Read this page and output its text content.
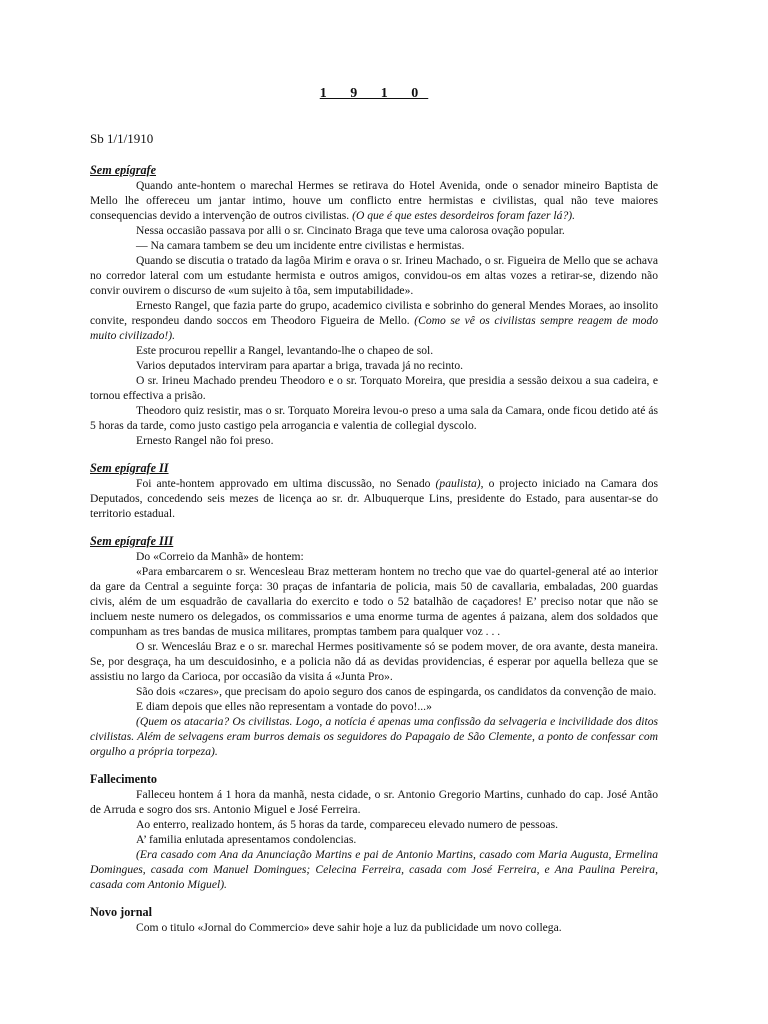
1 9 1 0
Sb 1/1/1910
Sem epígrafe

Quando ante-hontem o marechal Hermes se retirava do Hotel Avenida, onde o senador mineiro Baptista de Mello lhe offereceu um jantar intimo, houve um conflicto entre hermistas e civilistas, qual não teve maiores consequencias devido a intervenção de outros civilistas. (O que é que estes desordeiros foram fazer lá?).

Nessa occasião passava por alli o sr. Cincinato Braga que teve uma calorosa ovação popular.

— Na camara tambem se deu um incidente entre civilistas e hermistas.

Quando se discutia o tratado da lagôa Mirim e orava o sr. Irineu Machado, o sr. Figueira de Mello que se achava no corredor lateral com um estudante hermista e outros amigos, convidou-os em altas vozes a retirar-se, dizendo não convir ouvirem o discurso de «um sujeito à tôa, sem imputabilidade».

Ernesto Rangel, que fazia parte do grupo, academico civilista e sobrinho do general Mendes Moraes, ao insolito convite, respondeu dando soccos em Theodoro Figueira de Mello. (Como se vê os civilistas sempre reagem de modo muito civilizado!).

Este procurou repellir a Rangel, levantando-lhe o chapeo de sol.

Varios deputados interviram para apartar a briga, travada já no recinto.

O sr. Irineu Machado prendeu Theodoro e o sr. Torquato Moreira, que presidia a sessão deixou a sua cadeira, e tornou effectiva a prisão.

Theodoro quiz resistir, mas o sr. Torquato Moreira levou-o preso a uma sala da Camara, onde ficou detido até ás 5 horas da tarde, como justo castigo pela arrogancia e valentia de collegial dyscolo.

Ernesto Rangel não foi preso.

Sem epígrafe II

Foi ante-hontem approvado em ultima discussão, no Senado (paulista), o projecto iniciado na Camara dos Deputados, concedendo seis mezes de licença ao sr. dr. Albuquerque Lins, presidente do Estado, para ausentar-se do territorio estadual.

Sem epígrafe III

Do «Correio da Manhã» de hontem:

«Para embarcarem o sr. Wencesleau Braz metteram hontem no trecho que vae do quartel-general até ao interior da gare da Central a seguinte força: 30 praças de infantaria de policia, mais 50 de cavallaria, embaladas, 200 guardas civis, além de um esquadrão de cavallaria do exercito e todo o 52 batalhão de caçadores! E’ preciso notar que não se incluem neste numero os delegados, os commissarios e uma enorme turma de agentes á paizana, alem dos soldados que compunham as tres bandas de musica militares, promptas tambem para qualquer voz . . .

O sr. Wencesláu Braz e o sr. marechal Hermes positivamente só se podem mover, de ora avante, desta maneira. Se, por desgraça, ha um descuidosinho, e a policia não dá as devidas providencias, é esperar por aquella belleza que se assistiu no largo da Carioca, por occasião da visita á «Junta Pro».

São dois «czares», que precisam do apoio seguro dos canos de espingarda, os candidatos da convenção de maio.

E diam depois que elles não representam a vontade do povo!...»

(Quem os atacaria? Os civilistas. Logo, a notícia é apenas uma confissão da selvageria e incivilidade dos ditos civilistas. Além de selvagens eram burros demais os seguidores do Papagaio de São Clemente, a ponto de confessar com orgulho a própria torpeza).

Fallecimento

Falleceu hontem á 1 hora da manhã, nesta cidade, o sr. Antonio Gregorio Martins, cunhado do cap. José Antão de Arruda e sogro dos srs. Antonio Miguel e José Ferreira.

Ao enterro, realizado hontem, ás 5 horas da tarde, compareceu elevado numero de pessoas.

A’ familia enlutada apresentamos condolencias.

(Era casado com Ana da Anunciação Martins e pai de Antonio Martins, casado com Maria Augusta, Ermelina Domingues, casada com Manuel Domingues; Celecina Ferreira, casada com José Ferreira, e Ana Paulina Pereira, casada com Antonio Miguel).

Novo jornal

Com o titulo «Jornal do Commercio» deve sahir hoje a luz da publicidade um novo collega.
